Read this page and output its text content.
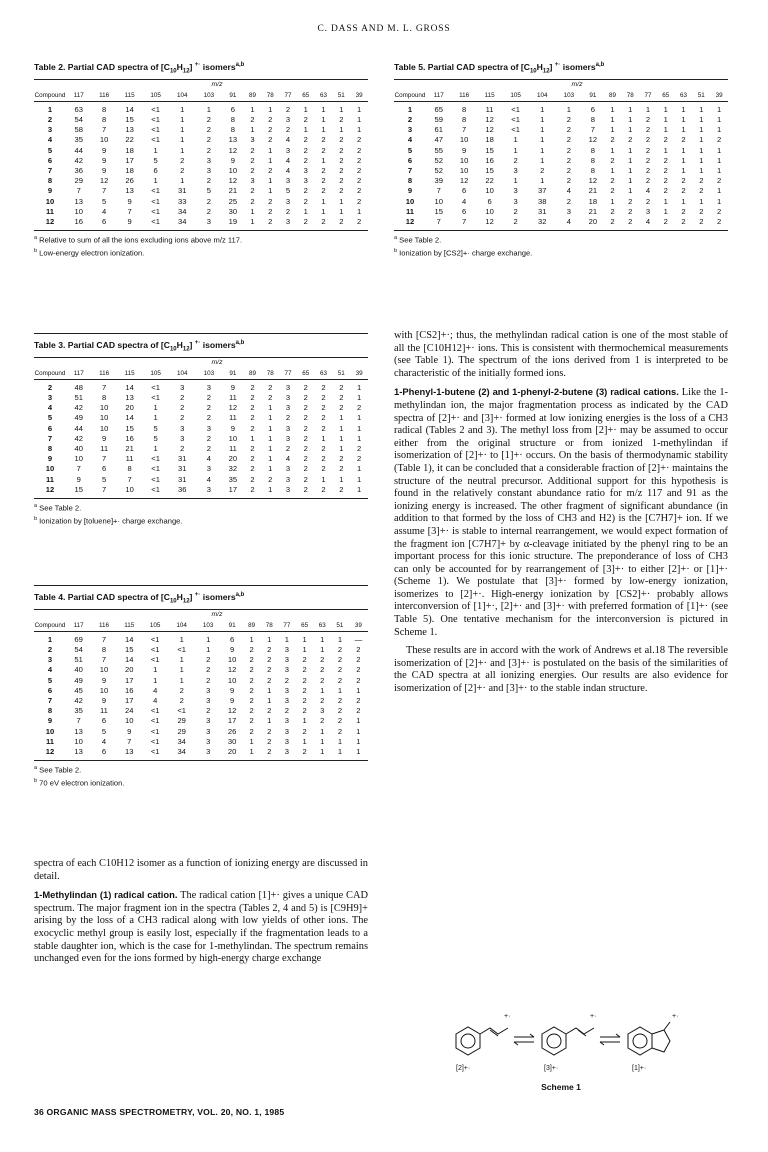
C. DASS AND M. L. GROSS
Table 2. Partial CAD spectra of $[C_{10}H_{12}]$ +· isomers$^{a,b}$
	m/z													
Compound	117	116	115	105	104	103	91	89	78	77	65	63	51	39
1	63	8	14	<1	1	1	6	1	1	2	1	1	1	1
2	54	8	15	<1	1	2	8	2	2	3	2	1	2	1
3	58	7	13	<1	1	2	8	1	2	2	1	1	1	1
4	35	10	22	<1	1	2	13	3	2	4	2	2	2	2
5	44	9	18	1	1	2	12	2	1	3	2	2	2	2
6	42	9	17	5	2	3	9	2	1	4	2	1	2	2
7	36	9	18	6	2	3	10	2	2	4	3	2	2	2
8	29	12	26	1	1	2	12	3	1	3	3	2	2	2
9	7	7	13	<1	31	5	21	2	1	5	2	2	2	2
10	13	5	9	<1	33	2	25	2	2	3	2	1	1	2
11	10	4	7	<1	34	2	30	1	2	2	1	1	1	1
12	16	6	9	<1	34	3	19	1	2	3	2	2	2	2
$^a$ Relative to sum of all the ions excluding ions above m/z 117.
$^b$ Low-energy electron ionization.
Table 3. Partial CAD spectra of $[C_{10}H_{12}]$ +· isomers$^{a,b}$
	m/z													
Compound	117	116	115	105	104	103	91	89	78	77	65	63	51	39
2	48	7	14	<1	3	3	9	2	2	3	2	2	2	1
3	51	8	13	<1	2	2	11	2	2	3	2	2	2	1
4	42	10	20	1	2	2	12	2	1	3	2	2	2	2
5	49	10	14	1	2	2	11	2	1	2	2	2	1	1
6	44	10	15	5	3	3	9	2	1	3	2	2	1	1
7	42	9	16	5	3	2	10	1	1	3	2	1	1	1
8	40	11	21	1	2	2	11	2	1	2	2	2	1	2
9	10	7	11	<1	31	4	20	2	1	4	2	2	2	2
10	7	6	8	<1	31	3	32	2	1	3	2	2	2	1
11	9	5	7	<1	31	4	35	2	2	3	2	1	1	1
12	15	7	10	<1	36	3	17	2	1	3	2	2	2	1
$^a$ See Table 2.
$^b$ Ionization by [toluene]+· charge exchange.
Table 4. Partial CAD spectra of $[C_{10}H_{12}]$ +· isomers$^{a,b}$
	m/z													
Compound	117	116	115	105	104	103	91	89	78	77	65	63	51	39
1	69	7	14	<1	1	1	6	1	1	1	1	1	1	—
2	54	8	15	<1	<1	1	9	2	2	3	1	1	2	2
3	51	7	14	<1	1	2	10	2	2	3	2	2	2	2
4	40	10	20	1	1	2	12	2	2	3	2	2	2	2
5	49	9	17	1	1	2	10	2	2	2	2	2	2	2
6	45	10	16	4	2	3	9	2	1	3	2	1	1	1
7	42	9	17	4	2	3	9	2	1	3	2	2	2	2
8	35	11	24	<1	<1	2	12	2	2	2	2	3	2	2
9	7	6	10	<1	29	3	17	2	1	3	1	2	2	1
10	13	5	9	<1	29	3	26	2	2	3	2	1	2	1
11	10	4	7	<1	34	3	30	1	2	3	1	1	1	1
12	13	6	13	<1	34	3	20	1	2	3	2	1	1	1
$^a$ See Table 2.
$^b$ 70 eV electron ionization.

spectra of each C10H12 isomer as a function of ionizing energy are discussed in detail.

1-Methylindan (1) radical cation. The radical cation [1]+· gives a unique CAD spectrum. The major fragment ion in the spectra (Tables 2, 4 and 5) is [C9H9]+ arising by the loss of a CH3 radical along with low yields of other ions. The exocyclic methyl group is easily lost, especially if the fragmentation leads to a stable daughter ion, which is the case for 1-methylindan. The spectrum remains unchanged even for the ions formed by high-energy charge exchange

Table 5. Partial CAD spectra of $[C_{10}H_{12}]$ +· isomers$^{a,b}$
	m/z													
Compound	117	116	115	105	104	103	91	89	78	77	65	63	51	39
1	65	8	11	<1	1	1	6	1	1	1	1	1	1	1
2	59	8	12	<1	1	2	8	1	1	2	1	1	1	1
3	61	7	12	<1	1	2	7	1	1	2	1	1	1	1
4	47	10	18	1	1	2	12	2	2	2	2	2	1	2
5	55	9	15	1	1	2	8	1	1	2	1	1	1	1
6	52	10	16	2	1	2	8	2	1	2	2	1	1	1
7	52	10	15	3	2	2	8	1	1	2	2	1	1	1
8	39	12	22	1	1	2	12	2	1	2	2	2	2	2
9	7	6	10	3	37	4	21	2	1	4	2	2	2	1
10	10	4	6	3	38	2	18	1	2	2	1	1	1	1
11	15	6	10	2	31	3	21	2	2	3	1	2	2	2
12	7	7	12	2	32	4	20	2	2	4	2	2	2	2
$^a$ See Table 2.
$^b$ Ionization by [CS2]+· charge exchange.

with [CS2]+·; thus, the methylindan radical cation is one of the most stable of all the [C10H12]+· ions. This is consistent with thermochemical measurements (see Table 1). The spectrum of the ions derived from 1 is interpreted to be characteristic of the initially formed ions.

1-Phenyl-1-butene (2) and 1-phenyl-2-butene (3) radical cations. Like the 1-methylindan ion, the major fragmentation process as indicated by the CAD spectra of [2]+· and [3]+· formed at low ionizing energies is the loss of a CH3 radical (Tables 2 and 3). The methyl loss from [2]+· may be assumed to occur either from the original structure or from ionized 1-methylindan if isomerization of [2]+· to [1]+· occurs. On the basis of thermodynamic stability (Table 1), it can be concluded that a considerable fraction of [2]+· maintains the structure of the neutral precursor. Additional support for this hypothesis is found in the relatively constant abundance ratio for m/z 117 and 91 as the ionizing energy is increased. The other fragment of significant abundance (in addition to that formed by the loss of CH3 and H2) is the [C7H7]+ ion. If we assume [3]+· is stable to internal rearrangement, we would expect formation of the fragment ion [C7H7]+ by α-cleavage initiated by the phenyl ring to be an important process for this ionic structure. The preponderance of loss of CH3 can only be accounted for by rearrangement of [3]+· to either [2]+· or [1]+· (Scheme 1). We postulate that [3]+· formed by low-energy ionization, isomerizes to [2]+·. High-energy ionization by [CS2]+· probably allows interconversion of [1]+·, [2]+· and [3]+· with preferred formation of [1]+· (see Table 5). One tentative mechanism for the interconversion is pictured in Scheme 1.

These results are in accord with the work of Andrews et al.18 The reversible isomerization of [2]+· and [3]+· is postulated on the basis of the similarities of the CAD spectra at all ionizing energies. Our results are also evidence for isomerization of [2]+· and [3]+· to the stable indan structure.

+·	+·	+·
[2]+·	[3]+·	[1]+·
Scheme 1
36 ORGANIC MASS SPECTROMETRY, VOL. 20, NO. 1, 1985
